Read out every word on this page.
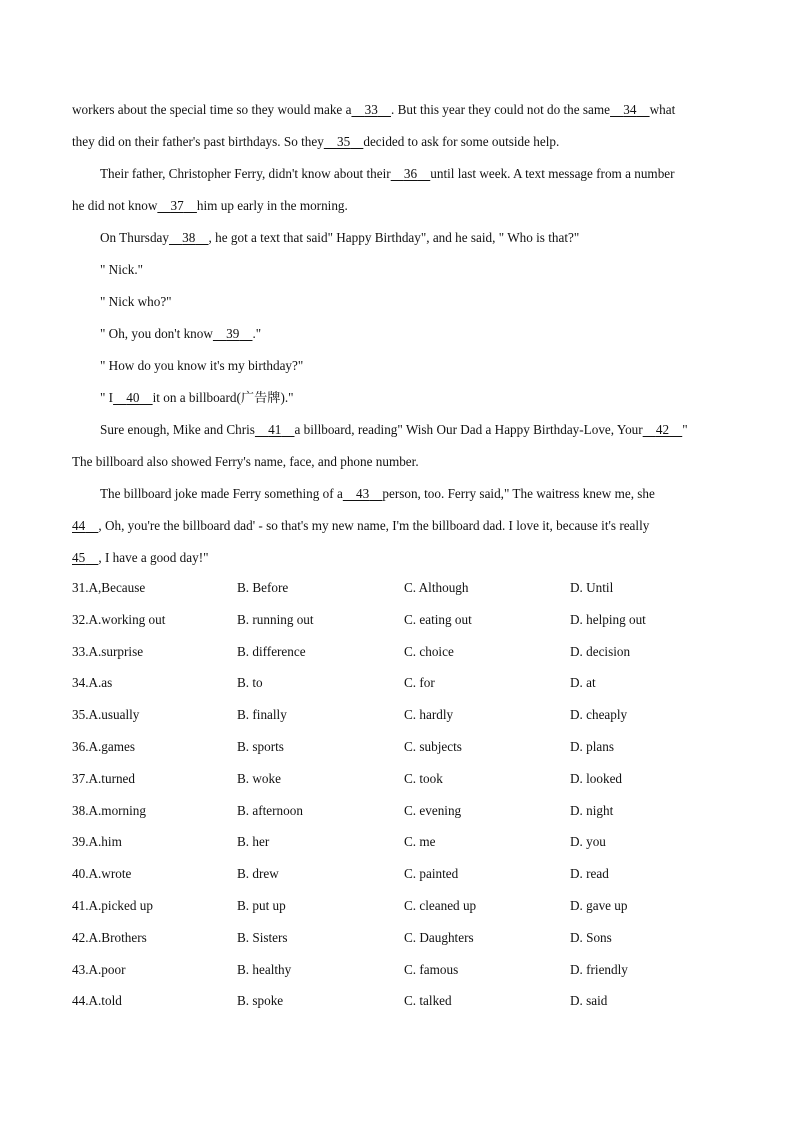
workers about the special time so they would make a 33 . But this year they could not do the same 34 what
they did on their father's past birthdays. So they 35 decided to ask for some outside help.
Their father, Christopher Ferry, didn't know about their 36 until last week. A text message from a number
he did not know 37 him up early in the morning.
On Thursday 38 , he got a text that said" Happy Birthday", and he said, " Who is that?"
" Nick."
" Nick who?"
" Oh, you don't know 39 ."
" How do you know it's my birthday?"
" I 40 it on a billboard(广告牌)."
Sure enough, Mike and Chris 41 a billboard, reading" Wish Our Dad a Happy Birthday-Love, Your 42 "
The billboard also showed Ferry's name, face, and phone number.
The billboard joke made Ferry something of a 43 person, too. Ferry said," The waitress knew me, she
44 , Oh, you're the billboard dad' - so that's my new name, I'm the billboard dad. I love it, because it's really
45 , I have a good day!"
31.A,Because	B. Before	C. Although	D. Until
32.A.working out	B. running out	C. eating out	D. helping out
33.A.surprise	B. difference	C. choice	D. decision
34.A.as	B. to	C. for	D. at
35.A.usually	B. finally	C. hardly	D. cheaply
36.A.games	B. sports	C. subjects	D. plans
37.A.turned	B. woke	C. took	D. looked
38.A.morning	B. afternoon	C. evening	D. night
39.A.him	B. her	C. me	D. you
40.A.wrote	B. drew	C. painted	D. read
41.A.picked up	B. put up	C. cleaned up	D. gave up
42.A.Brothers	B. Sisters	C. Daughters	D. Sons
43.A.poor	B. healthy	C. famous	D. friendly
44.A.told	B. spoke	C. talked	D. said
